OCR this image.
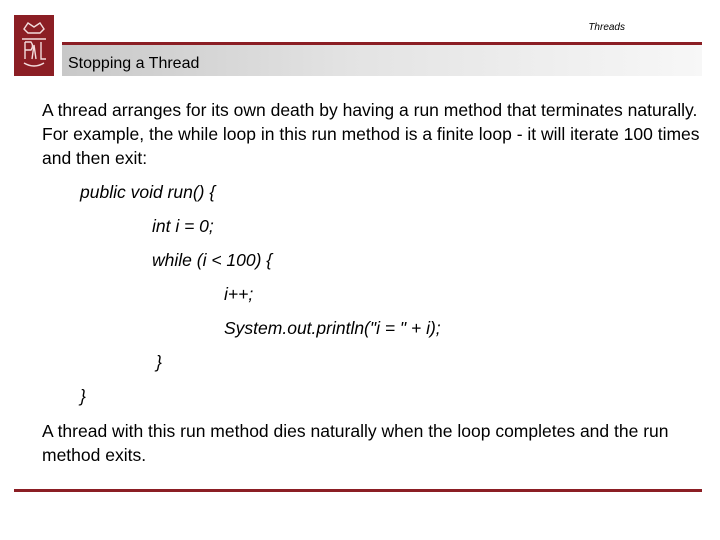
Threads
Stopping a Thread
A thread arranges for its own death by having a run method that terminates naturally. For example, the while loop in this run method is a finite loop - it will iterate 100 times and then exit:
public void run() {
int i = 0;
while (i < 100) {
i++;
System.out.println("i = " + i);
}
}
A thread with this run method dies naturally when the loop completes and the run method exits.
